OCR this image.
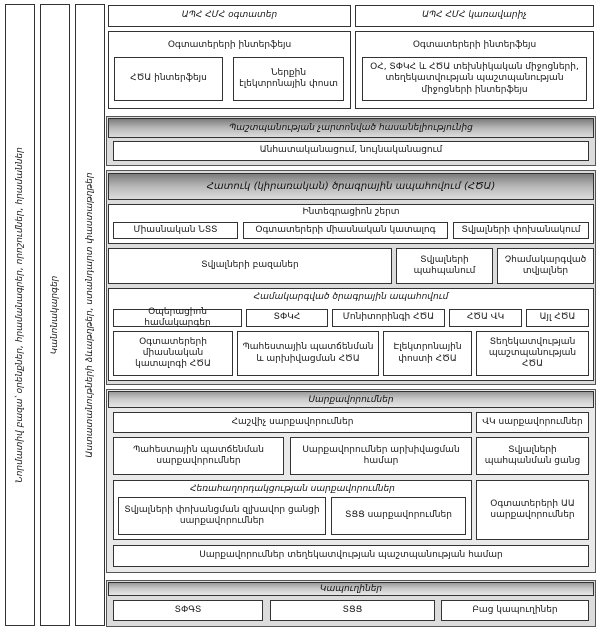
Նորմատիվ բազա՝ օրենքներ, հրամանագրեր, որոշումներ, հրամաններ	Կանոնակարգեր	Աստատանութների ձևաթղթեր, ստանդարտ փաստաթղթեր
ԱՊՀ ՀՄՀ օգտատեր	ԱՊՀ ՀՄՀ կառավարիչ
Օգտատերերի ինտերֆեյս
ՀԾԱ ինտերֆեյս
Ներքին էլեկտրոնային փոստ
Օգտատերերի ինտերֆեյս
ՕՀ, ՏՓԿՀ և ՀԾԱ տեխնիկական միջոցների, տեղեկատվության պաշտպանության միջոցների ինտերֆեյս
Պաշտպանության չարտոնված հասանելիությունից
Անհատականացում, նույնականացում
Հատուկ (կիրառական) ծրագրային ապահովում (ՀԾԱ)
Ինտեգրացիոն շերտ
Միասնական ՆՏՏ	Օգտատերերի միասնական կատալոգ	Տվյալների փոխանակում
Տվյալների բազաներ
Տվյալների պահպանում
Չհամակարգված տվյալներ
Համակարգված ծրագրային ապահովում
Օպերացիոն համակարգեր
ՏՓԿՀ	Մոնիտորինգի ՀԾԱ	ՀԾԱ ՎԿ	Այլ ՀԾԱ
Օգտատերերի միասնական կատալոգի ՀԾԱ
Պահեստային պատճենման և արխիվացման ՀԾԱ
Էլեկտրոնային փոստի ՀԾԱ
Տեղեկատվության պաշտպանության ՀԾԱ
Սարքավորումներ
Հաշվիչ սարքավորումներ	ՎԿ սարքավորումներ
Պահեստային պատճենման սարքավորումներ
Սարքավորումներ արխիվացման համար
Տվյալների պահպանման ցանց
Հեռահաղորդակցության սարքավորումներ
Տվյալների փոխանցման զլխավոր ցանցի սարքավորումներ
ՏՑՑ սարքավորումներ
Օգտատերերի ԱԱ սարքավորումներ
Սարքավորումներ տեղեկատվության պաշտպանության համար
Կապուղիներ
ՏՓԳՏ	ՏՑՑ	Բաց կապուղիներ
